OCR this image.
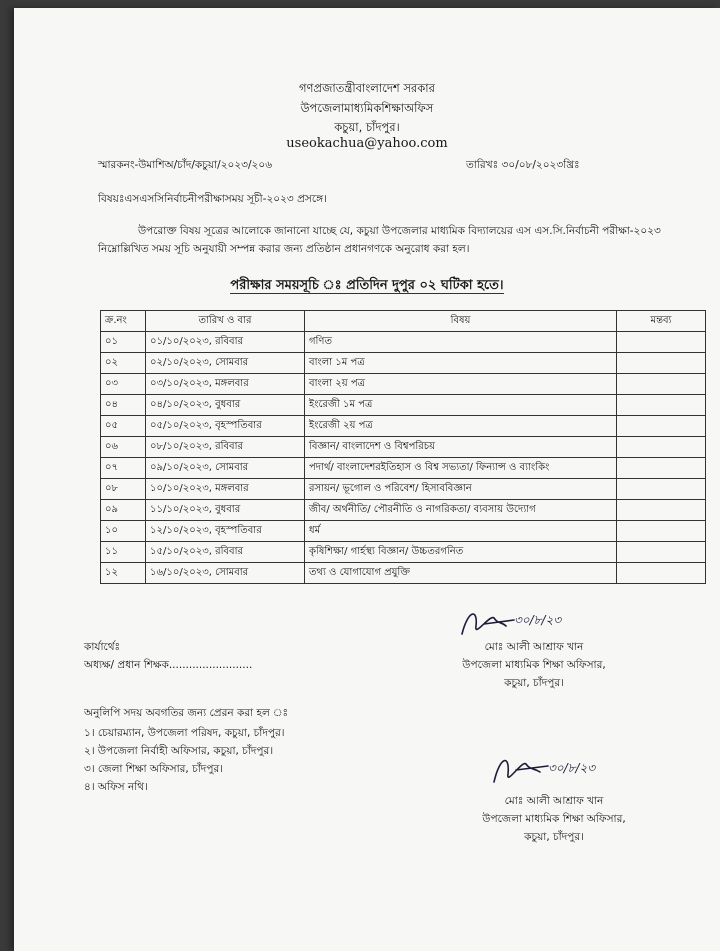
গণপ্রজাতন্ত্রীবাংলাদেশ সরকার
উপজেলামাধ্যমিকশিক্ষাঅফিস
কচুয়া, চাঁদপুর।
useokachua@yahoo.com
স্মারকনং-উমাশিঅ/চাঁদ/কচুয়া/২০২৩/২০৬	তারিখঃ ৩০/০৮/২০২৩খ্রিঃ
বিষয়ঃএসএসসিনির্বাচনীপরীক্ষাসময় সূচী-২০২৩ প্রসঙ্গে।
উপরোক্ত বিষয় সূত্রের আলোকে জানানো যাচ্ছে যে, কচুয়া উপজেলার মাধ্যমিক বিদ্যালয়ের এস এস.সি.নির্বাচনী পরীক্ষা-২০২৩ নিম্নোল্লিখিত সময় সূচি অনুযায়ী সম্পন্ন করার জন্য প্রতিষ্ঠান প্রধানগণকে অনুরোধ করা হল।
পরীক্ষার সময়সূচি ঃ প্রতিদিন দুপুর ০২ ঘটিকা হতে।
ক্র.নং	তারিখ ও বার	বিষয়	মন্তব্য
০১	০১/১০/২০২৩, রবিবার	গণিত	
০২	০২/১০/২০২৩, সোমবার	বাংলা ১ম পত্র	
০৩	০৩/১০/২০২৩, মঙ্গলবার	বাংলা ২য় পত্র	
০৪	০৪/১০/২০২৩, বুধবার	ইংরেজী ১ম পত্র	
০৫	০৫/১০/২০২৩, বৃহস্পতিবার	ইংরেজী ২য় পত্র	
০৬	০৮/১০/২০২৩, রবিবার	বিজ্ঞান/ বাংলাদেশ ও বিশ্বপরিচয়	
০৭	০৯/১০/২০২৩, সোমবার	পদার্থ/ বাংলাদেশরইতিহাস ও বিশ্ব সভ্যতা/ ফিন্যান্স ও ব্যাংকিং	
০৮	১০/১০/২০২৩, মঙ্গলবার	রসায়ন/ ভূগোল ও পরিবেশ/ হিসাববিজ্ঞান	
০৯	১১/১০/২০২৩, বুধবার	জীব/ অর্থনীতি/ পৌরনীতি ও নাগরিকতা/ ব্যবসায় উদ্যোগ	
১০	১২/১০/২০২৩, বৃহস্পতিবার	ধর্ম	
১১	১৫/১০/২০২৩, রবিবার	কৃষিশিক্ষা/ গার্হস্থ্য বিজ্ঞান/ উচ্চতরগনিত	
১২	১৬/১০/২০২৩, সোমবার	তথ্য ও যোগাযোগ প্রযুক্তি	
৩০/৮/২৩
কার্যার্থেঃ
অধ্যক্ষ/ প্রধান শিক্ষক.........................
মোঃ আলী আশ্রাফ খান
উপজেলা মাধ্যমিক শিক্ষা অফিসার,
কচুয়া, চাঁদপুর।
অনুলিপি সদয় অবগতির জন্য প্রেরন করা হল ঃ
১। চেয়ারম্যান, উপজেলা পরিষদ, কচুয়া, চাঁদপুর।
২। উপজেলা নির্বাহী অফিসার, কচুয়া, চাঁদপুর।
৩। জেলা শিক্ষা অফিসার, চাঁদপুর।
৪। অফিস নথি।
৩০/৮/২৩
মোঃ আলী আশ্রাফ খান
উপজেলা মাধ্যমিক শিক্ষা অফিসার,
কচুয়া, চাঁদপুর।
